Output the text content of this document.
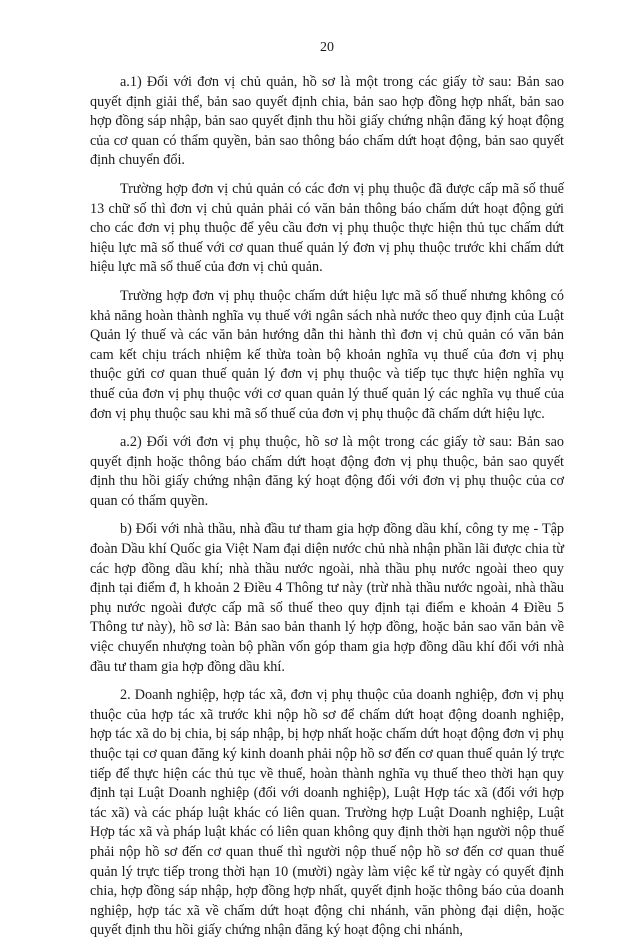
20

a.1) Đối với đơn vị chủ quản, hồ sơ là một trong các giấy tờ sau: Bản sao quyết định giải thể, bản sao quyết định chia, bản sao hợp đồng hợp nhất, bản sao hợp đồng sáp nhập, bản sao quyết định thu hồi giấy chứng nhận đăng ký hoạt động của cơ quan có thẩm quyền, bản sao thông báo chấm dứt hoạt động, bản sao quyết định chuyển đổi.

Trường hợp đơn vị chủ quản có các đơn vị phụ thuộc đã được cấp mã số thuế 13 chữ số thì đơn vị chủ quản phải có văn bản thông báo chấm dứt hoạt động gửi cho các đơn vị phụ thuộc để yêu cầu đơn vị phụ thuộc thực hiện thủ tục chấm dứt hiệu lực mã số thuế với cơ quan thuế quản lý đơn vị phụ thuộc trước khi chấm dứt hiệu lực mã số thuế của đơn vị chủ quản.

Trường hợp đơn vị phụ thuộc chấm dứt hiệu lực mã số thuế nhưng không có khả năng hoàn thành nghĩa vụ thuế với ngân sách nhà nước theo quy định của Luật Quản lý thuế và các văn bản hướng dẫn thi hành thì đơn vị chủ quản có văn bản cam kết chịu trách nhiệm kế thừa toàn bộ khoản nghĩa vụ thuế của đơn vị phụ thuộc gửi cơ quan thuế quản lý đơn vị phụ thuộc và tiếp tục thực hiện nghĩa vụ thuế của đơn vị phụ thuộc với cơ quan quản lý thuế quản lý các nghĩa vụ thuế của đơn vị phụ thuộc sau khi mã số thuế của đơn vị phụ thuộc đã chấm dứt hiệu lực.

a.2) Đối với đơn vị phụ thuộc, hồ sơ là một trong các giấy tờ sau: Bản sao quyết định hoặc thông báo chấm dứt hoạt động đơn vị phụ thuộc, bản sao quyết định thu hồi giấy chứng nhận đăng ký hoạt động đối với đơn vị phụ thuộc của cơ quan có thẩm quyền.

b) Đối với nhà thầu, nhà đầu tư tham gia hợp đồng dầu khí, công ty mẹ - Tập đoàn Dầu khí Quốc gia Việt Nam đại diện nước chủ nhà nhận phần lãi được chia từ các hợp đồng dầu khí; nhà thầu nước ngoài, nhà thầu phụ nước ngoài theo quy định tại điểm đ, h khoản 2 Điều 4 Thông tư này (trừ nhà thầu nước ngoài, nhà thầu phụ nước ngoài được cấp mã số thuế theo quy định tại điểm e khoản 4 Điều 5 Thông tư này), hồ sơ là: Bản sao bản thanh lý hợp đồng, hoặc bản sao văn bản về việc chuyển nhượng toàn bộ phần vốn góp tham gia hợp đồng dầu khí đối với nhà đầu tư tham gia hợp đồng dầu khí.

2. Doanh nghiệp, hợp tác xã, đơn vị phụ thuộc của doanh nghiệp, đơn vị phụ thuộc của hợp tác xã trước khi nộp hồ sơ để chấm dứt hoạt động doanh nghiệp, hợp tác xã do bị chia, bị sáp nhập, bị hợp nhất hoặc chấm dứt hoạt động đơn vị phụ thuộc tại cơ quan đăng ký kinh doanh phải nộp hồ sơ đến cơ quan thuế quản lý trực tiếp để thực hiện các thủ tục về thuế, hoàn thành nghĩa vụ thuế theo thời hạn quy định tại Luật Doanh nghiệp (đối với doanh nghiệp), Luật Hợp tác xã (đối với hợp tác xã) và các pháp luật khác có liên quan. Trường hợp Luật Doanh nghiệp, Luật Hợp tác xã và pháp luật khác có liên quan không quy định thời hạn người nộp thuế phải nộp hồ sơ đến cơ quan thuế thì người nộp thuế nộp hồ sơ đến cơ quan thuế quản lý trực tiếp trong thời hạn 10 (mười) ngày làm việc kể từ ngày có quyết định chia, hợp đồng sáp nhập, hợp đồng hợp nhất, quyết định hoặc thông báo của doanh nghiệp, hợp tác xã về chấm dứt hoạt động chi nhánh, văn phòng đại diện, hoặc quyết định thu hồi giấy chứng nhận đăng ký hoạt động chi nhánh,
